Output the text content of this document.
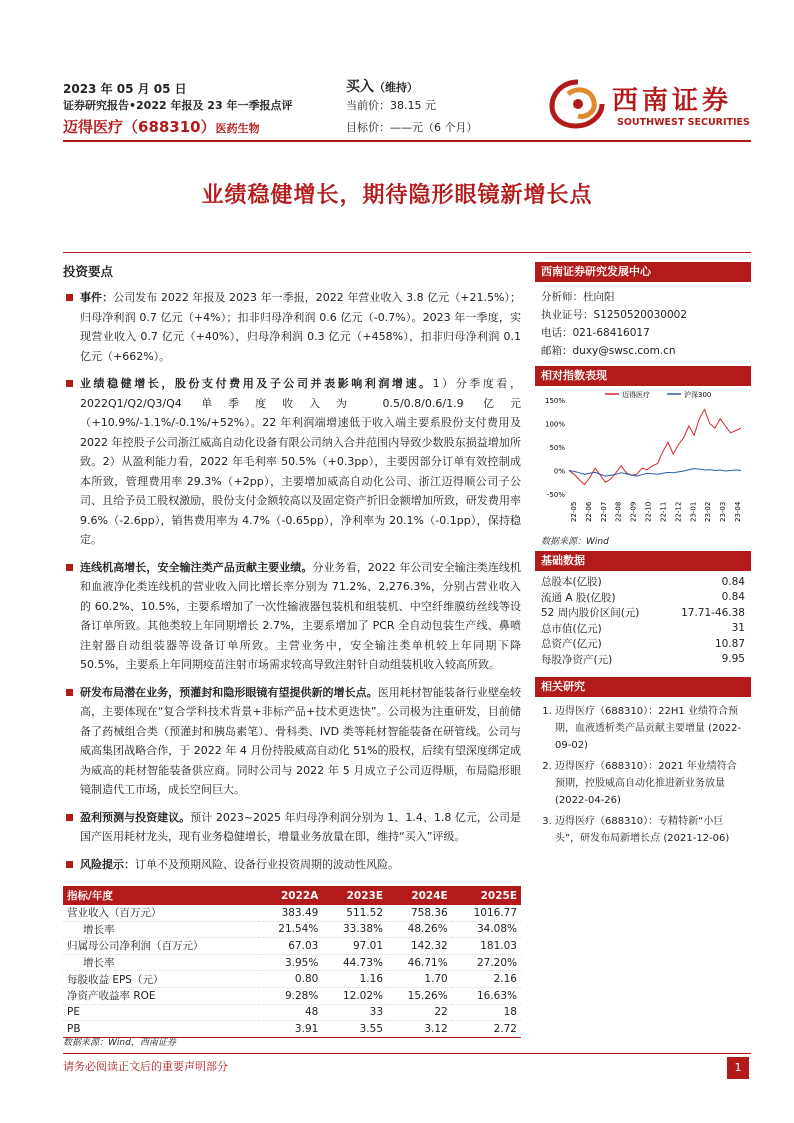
2023 年 05 月 05 日
证券研究报告•2022 年报及 23 年一季报点评
迈得医疗（688310）医药生物
买入（维持）
当前价：38.15 元
目标价：——元（6 个月）
西南证券
SOUTHWEST SECURITIES
业绩稳健增长，期待隐形眼镜新增长点
投资要点
事件：公司发布 2022 年报及 2023 年一季报，2022 年营业收入 3.8 亿元（+21.5%）；归母净利润 0.7 亿元（+4%）；扣非归母净利润 0.6 亿元（-0.7%）。2023 年一季度，实现营业收入 0.7 亿元（+40%），归母净利润 0.3 亿元（+458%），扣非归母净利润 0.1 亿元（+662%）。
业绩稳健增长，股份支付费用及子公司并表影响利润增速。1）分季度看，2022Q1/Q2/Q3/Q4 单季度收入为 0.5/0.8/0.6/1.9 亿元（+10.9%/-1.1%/-0.1%/+52%）。22 年利润端增速低于收入端主要系股份支付费用及 2022 年控股子公司浙江威高自动化设备有限公司纳入合并范围内导致少数股东损益增加所致。2）从盈利能力看，2022 年毛利率 50.5%（+0.3pp），主要因部分订单有效控制成本所致，管理费用率 29.3%（+2pp），主要增加威高自动化公司、浙江迈得顺公司子公司、且给予员工股权激励，股份支付金额较高以及固定资产折旧金额增加所致，研发费用率 9.6%（-2.6pp），销售费用率为 4.7%（-0.65pp），净利率为 20.1%（-0.1pp），保持稳定。
连线机高增长，安全输注类产品贡献主要业绩。分业务看，2022 年公司安全输注类连线机和血液净化类连线机的营业收入同比增长率分别为 71.2%、2,276.3%，分别占营业收入的 60.2%、10.5%，主要系增加了一次性输液器包装机和组装机、中空纤维膜纺丝线等设备订单所致。其他类较上年同期增长 2.7%，主要系增加了 PCR 全自动包装生产线、鼻喷注射器自动组装器等设备订单所致。主营业务中，安全输注类单机较上年同期下降 50.5%，主要系上年同期疫苗注射市场需求较高导致注射针自动组装机收入较高所致。
研发布局潜在业务，预灌封和隐形眼镜有望提供新的增长点。医用耗材智能装备行业壁垒较高，主要体现在“复合学科技术背景+非标产品+技术更迭快”。公司极为注重研发，目前储备了药械组合类（预灌封和胰岛素笔）、骨科类、IVD 类等耗材智能装备在研管线。公司与威高集团战略合作，于 2022 年 4 月份持股威高自动化 51%的股权，后续有望深度绑定成为威高的耗材智能装备供应商。同时公司与 2022 年 5 月成立子公司迈得顺，布局隐形眼镜制造代工市场，成长空间巨大。
盈利预测与投资建议。预计 2023~2025 年归母净利润分别为 1、1.4、1.8 亿元，公司是国产医用耗材龙头，现有业务稳健增长，增量业务放量在即，维持“买入”评级。
风险提示：订单不及预期风险、设备行业投资周期的波动性风险。
指标/年度	2022A	2023E	2024E	2025E
营业收入（百万元）	383.49	511.52	758.36	1016.77
增长率	21.54%	33.38%	48.26%	34.08%
归属母公司净利润（百万元）	67.03	97.01	142.32	181.03
增长率	3.95%	44.73%	46.71%	27.20%
每股收益 EPS（元）	0.80	1.16	1.70	2.16
净资产收益率 ROE	9.28%	12.02%	15.26%	16.63%
PE	48	33	22	18
PB	3.91	3.55	3.12	2.72
数据来源：Wind，西南证券
西南证券研究发展中心
分析师：杜向阳
执业证号：S1250520030002
电话：021-68416017
邮箱：duxy@swsc.com.cn
相对指数表现
150%
100%
50%
0%
-50%
22-05 22-06 22-07 22-08 22-09 22-10 22-11 22-12 23-01 23-02 23-03 23-04
迈得医疗	沪深300
数据来源：Wind
基础数据
总股本(亿股)	0.84
流通 A 股(亿股)	0.84
52 周内股价区间(元)	17.71-46.38
总市值(亿元)	31
总资产(亿元)	10.87
每股净资产(元)	9.95
相关研究
1. 迈得医疗（688310）：22H1 业绩符合预期，血液透析类产品贡献主要增量 (2022-09-02)
2. 迈得医疗（688310）：2021 年业绩符合预期，控股威高自动化推进新业务放量 (2022-04-26)
3. 迈得医疗（688310）：专精特新“小巨头”，研发布局新增长点 (2021-12-06)
请务必阅读正文后的重要声明部分	1
